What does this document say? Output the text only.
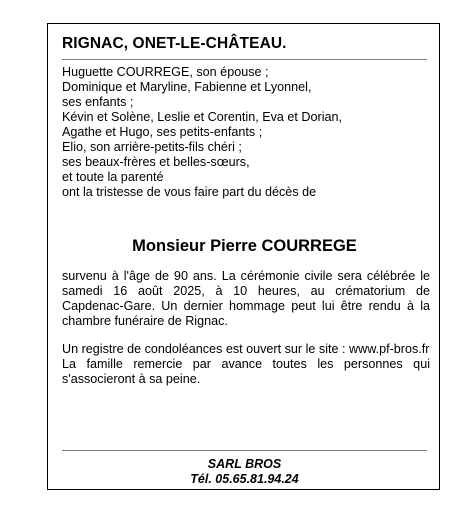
RIGNAC, ONET-LE-CHÂTEAU.
Huguette COURREGE, son épouse ;
Dominique et Maryline, Fabienne et Lyonnel,
ses enfants ;
Kévin et Solène, Leslie et Corentin, Eva et Dorian,
Agathe et Hugo, ses petits-enfants ;
Elio, son arrière-petits-fils chéri ;
ses beaux-frères et belles-sœurs,
et toute la parenté
ont la tristesse de vous faire part du décès de
Monsieur Pierre COURREGE

survenu à l'âge de 90 ans. La cérémonie civile sera célébrée le samedi 16 août 2025, à 10 heures, au crématorium de Capdenac-Gare. Un dernier hommage peut lui être rendu à la chambre funéraire de Rignac.

Un registre de condoléances est ouvert sur le site : www.pf-bros.fr

La famille remercie par avance toutes les personnes qui s'associeront à sa peine.

SARL BROS
Tél. 05.65.81.94.24
